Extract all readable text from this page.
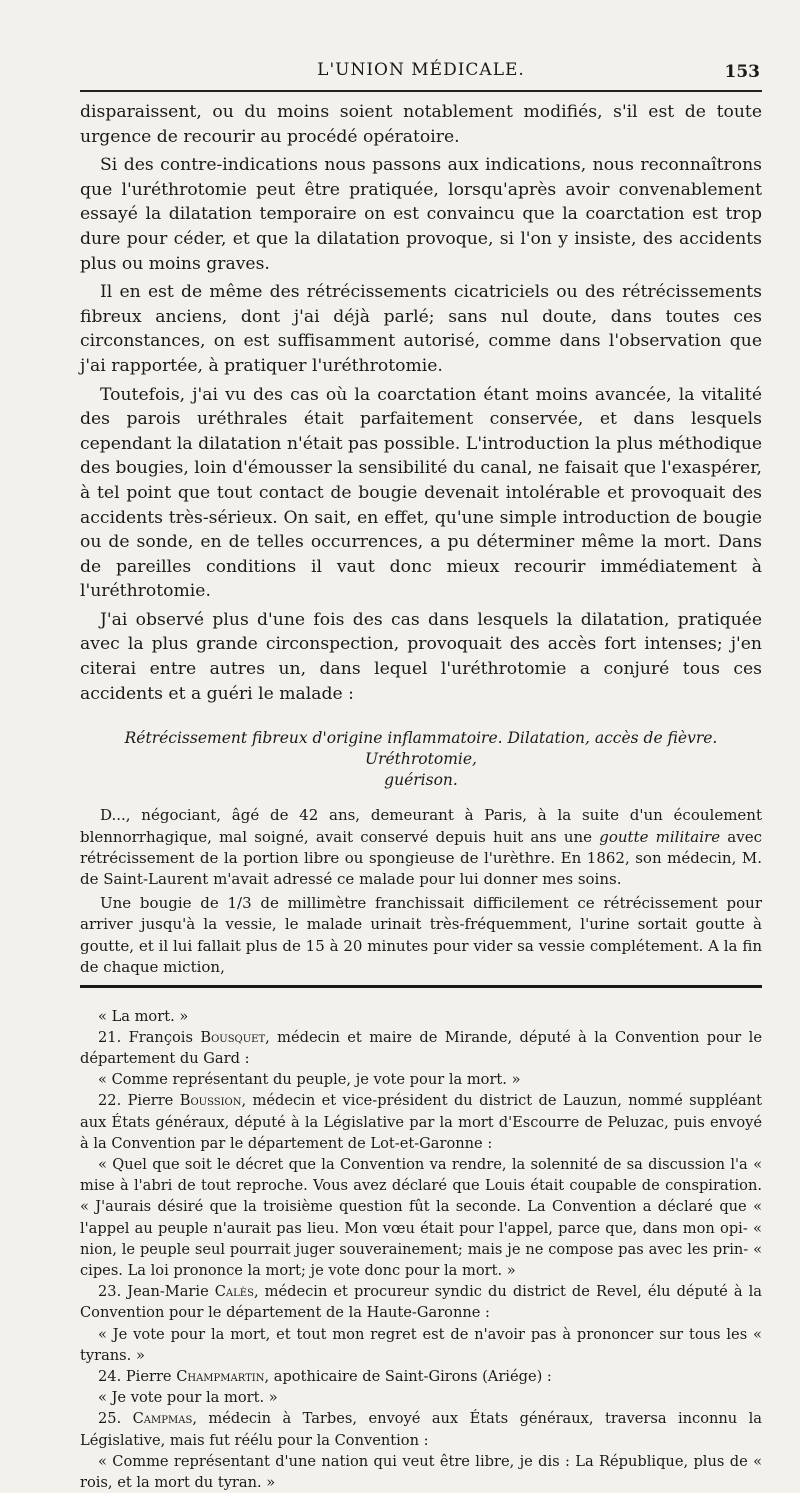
L'UNION MÉDICALE.	153

disparaissent, ou du moins soient notablement modifiés, s'il est de toute urgence de recourir au procédé opératoire.

Si des contre-indications nous passons aux indications, nous reconnaîtrons que l'uréthrotomie peut être pratiquée, lorsqu'après avoir convenablement essayé la dilatation temporaire on est convaincu que la coarctation est trop dure pour céder, et que la dilatation provoque, si l'on y insiste, des accidents plus ou moins graves.

Il en est de même des rétrécissements cicatriciels ou des rétrécissements fibreux anciens, dont j'ai déjà parlé; sans nul doute, dans toutes ces circonstances, on est suffisamment autorisé, comme dans l'observation que j'ai rapportée, à pratiquer l'uréthrotomie.

Toutefois, j'ai vu des cas où la coarctation étant moins avancée, la vitalité des parois uréthrales était parfaitement conservée, et dans lesquels cependant la dilatation n'était pas possible. L'introduction la plus méthodique des bougies, loin d'émousser la sensibilité du canal, ne faisait que l'exaspérer, à tel point que tout contact de bougie devenait intolérable et provoquait des accidents très-sérieux. On sait, en effet, qu'une simple introduction de bougie ou de sonde, en de telles occurrences, a pu déterminer même la mort. Dans de pareilles conditions il vaut donc mieux recourir immédiatement à l'uréthrotomie.

J'ai observé plus d'une fois des cas dans lesquels la dilatation, pratiquée avec la plus grande circonspection, provoquait des accès fort intenses; j'en citerai entre autres un, dans lequel l'uréthrotomie a conjuré tous ces accidents et a guéri le malade :

Rétrécissement fibreux d'origine inflammatoire. Dilatation, accès de fièvre. Uréthrotomie,
guérison.

D..., négociant, âgé de 42 ans, demeurant à Paris, à la suite d'un écoulement blennorrhagique, mal soigné, avait conservé depuis huit ans une goutte militaire avec rétrécissement de la portion libre ou spongieuse de l'urèthre. En 1862, son médecin, M. de Saint-Laurent m'avait adressé ce malade pour lui donner mes soins.

Une bougie de 1/3 de millimètre franchissait difficilement ce rétrécissement pour arriver jusqu'à la vessie, le malade urinait très-fréquemment, l'urine sortait goutte à goutte, et il lui fallait plus de 15 à 20 minutes pour vider sa vessie complétement. A la fin de chaque miction,

« La mort. »

21. François Bousquet, médecin et maire de Mirande, député à la Convention pour le département du Gard :

« Comme représentant du peuple, je vote pour la mort. »

22. Pierre Boussion, médecin et vice-président du district de Lauzun, nommé suppléant aux États généraux, député à la Législative par la mort d'Escourre de Peluzac, puis envoyé à la Convention par le département de Lot-et-Garonne :

« Quel que soit le décret que la Convention va rendre, la solennité de sa discussion l'a « mise à l'abri de tout reproche. Vous avez déclaré que Louis était coupable de conspiration. « J'aurais désiré que la troisième question fût la seconde. La Convention a déclaré que « l'appel au peuple n'aurait pas lieu. Mon vœu était pour l'appel, parce que, dans mon opi- « nion, le peuple seul pourrait juger souverainement; mais je ne compose pas avec les prin- « cipes. La loi prononce la mort; je vote donc pour la mort. »

23. Jean-Marie Calès, médecin et procureur syndic du district de Revel, élu député à la Convention pour le département de la Haute-Garonne :

« Je vote pour la mort, et tout mon regret est de n'avoir pas à prononcer sur tous les « tyrans. »

24. Pierre Champmartin, apothicaire de Saint-Girons (Ariége) :

« Je vote pour la mort. »

25. Campmas, médecin à Tarbes, envoyé aux États généraux, traversa inconnu la Législative, mais fut réélu pour la Convention :

« Comme représentant d'une nation qui veut être libre, je dis : La République, plus de « rois, et la mort du tyran. »
